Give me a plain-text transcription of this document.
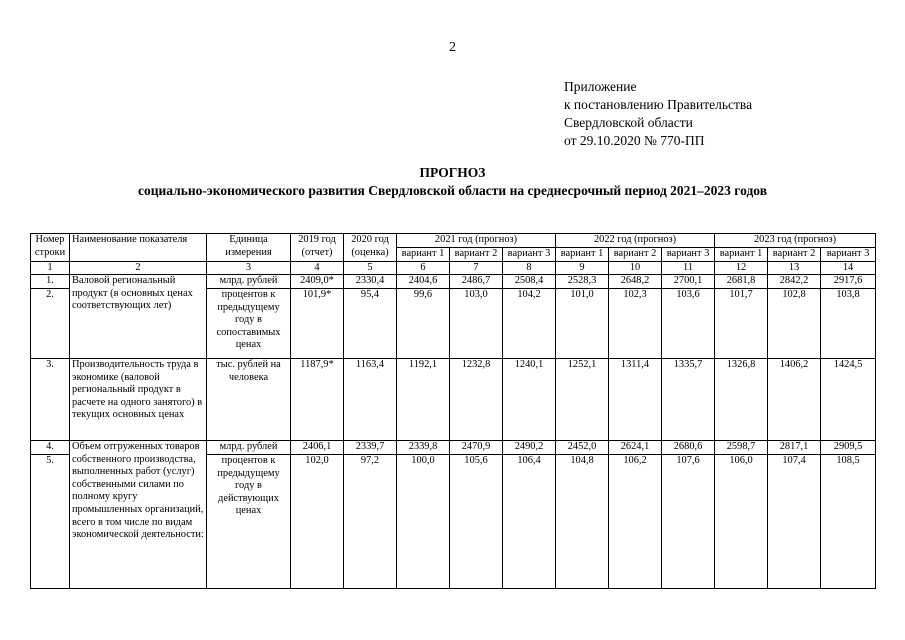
2
Приложение
к постановлению Правительства
Свердловской области
от 29.10.2020 № 770-ПП
ПРОГНОЗ
социально-экономического развития Свердловской области на среднесрочный период 2021–2023 годов
Номер строки	Наименование показателя	Единица измерения	2019 год (отчет)	2020 год (оценка)	2021 год (прогноз)			2022 год (прогноз)			2023 год (прогноз)		
					вариант 1	вариант 2	вариант 3	вариант 1	вариант 2	вариант 3	вариант 1	вариант 2	вариант 3
1	2	3	4	5	6	7	8	9	10	11	12	13	14
1.	Валовой региональный продукт (в основных ценах соответствующих лет)	млрд. рублей	2409,0*	2330,4	2404,6	2486,7	2508,4	2528,3	2648,2	2700,1	2681,8	2842,2	2917,6
2.		процентов к предыдущему году в сопоставимых ценах	101,9*	95,4	99,6	103,0	104,2	101,0	102,3	103,6	101,7	102,8	103,8
3.	Производительность труда в экономике (валовой региональный продукт в расчете на одного занятого) в текущих основных ценах	тыс. рублей на человека	1187,9*	1163,4	1192,1	1232,8	1240,1	1252,1	1311,4	1335,7	1326,8	1406,2	1424,5
4.	Объем отгруженных товаров собственного производства, выполненных работ (услуг) собственными силами по полному кругу промышленных организаций, всего в том числе по видам экономической деятельности:	млрд. рублей	2406,1	2339,7	2339,8	2470,9	2490,2	2452,0	2624,1	2680,6	2598,7	2817,1	2909,5
5.		процентов к предыдущему году в действующих ценах	102,0	97,2	100,0	105,6	106,4	104,8	106,2	107,6	106,0	107,4	108,5
